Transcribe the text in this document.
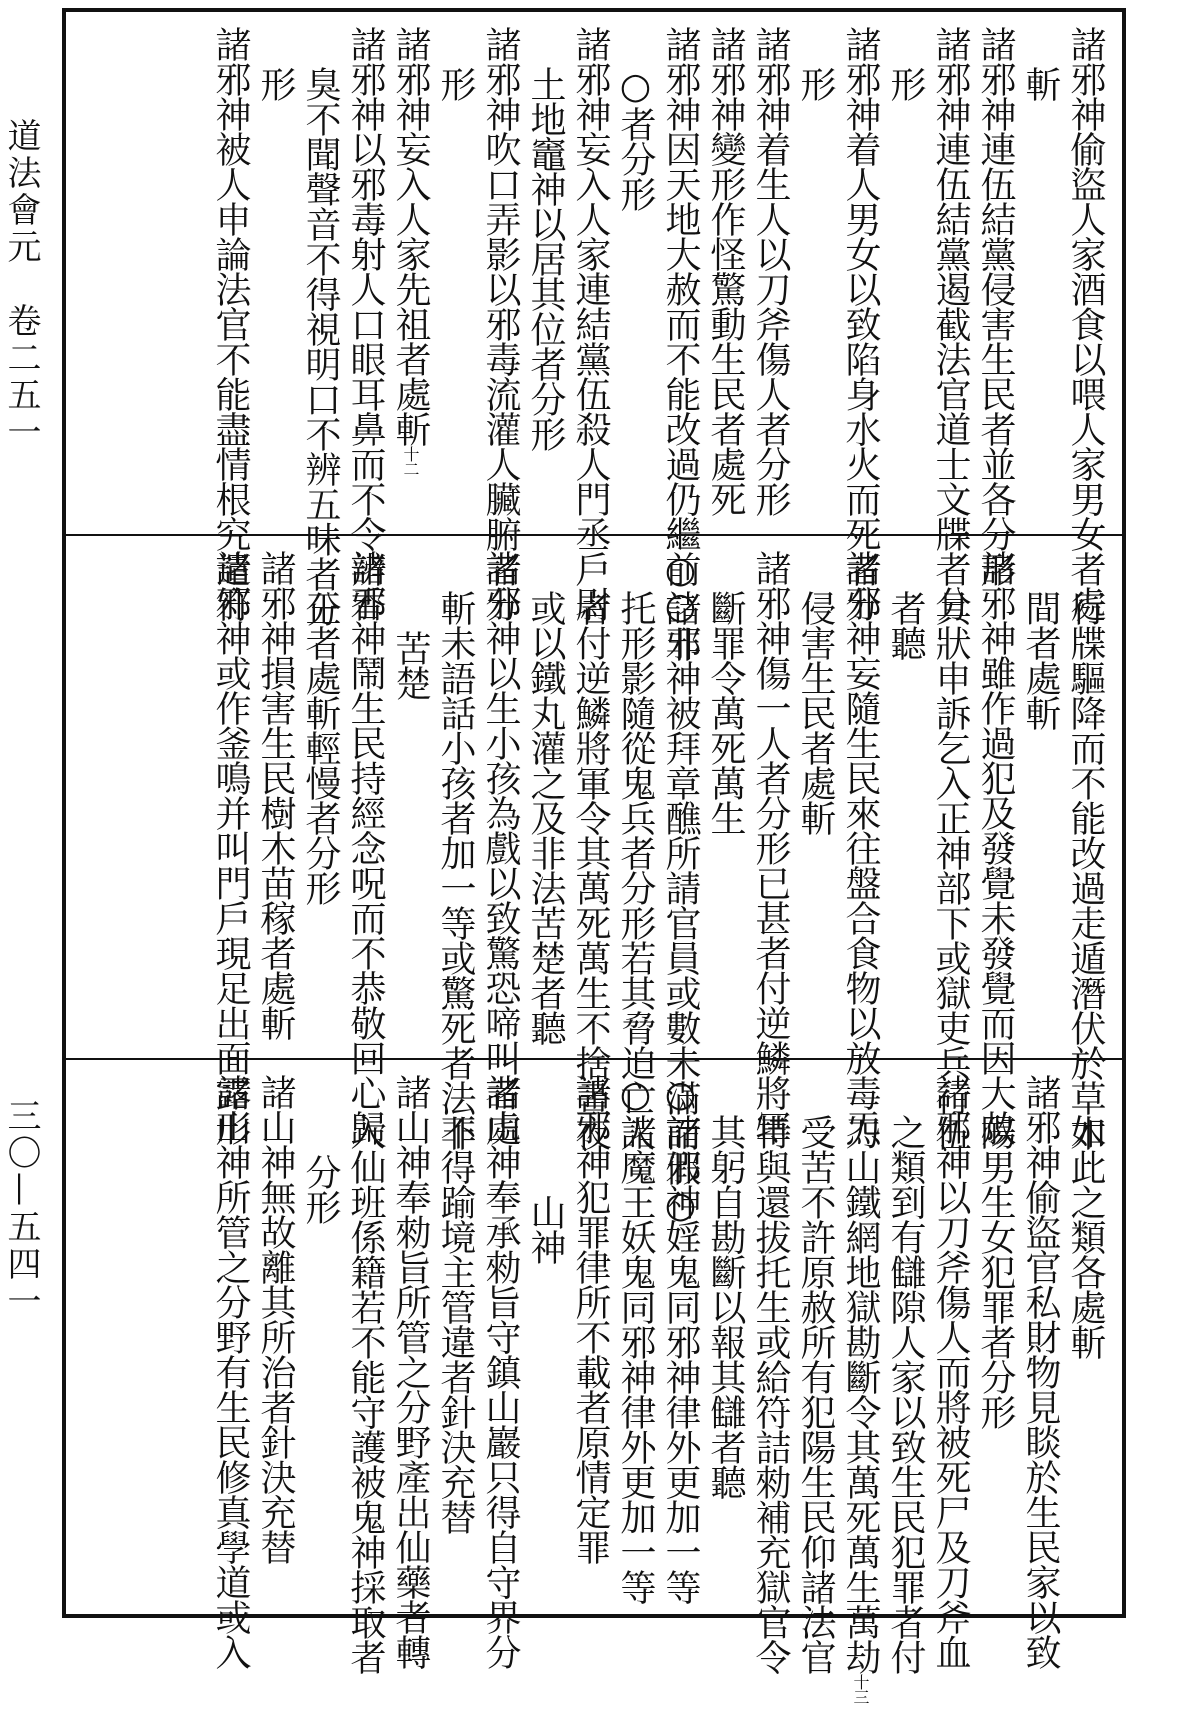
道法會元　卷二五一
三〇—五四一
諸邪神偷盜人家酒食以喂人家男女者處
斬
諸邪神連伍結黨侵害生民者並各分形
諸邪神連伍結黨遏截法官道士文牒者分
形
諸邪神着人男女以致陷身水火而死者分
形
諸邪神着生人以刀斧傷人者分形
諸邪神變形作怪驚動生民者處死
諸邪神因天地大赦而不能改過仍繼前○非
○者分形
諸邪神妄入人家連結黨伍殺人門丞戶尉
土地竈神以居其位者分形
諸邪神吹口弄影以邪毒流灌人臟腑者分
形
諸邪神妄入人家先祖者處斬十二
諸邪神以邪毒射人口眼耳鼻而不令辨香
臭不聞聲音不得視明口不辨五味者分
形
諸邪神被人申論法官不能盡情根究遣符
行牒驅降而不能改過走遁潛伏於草木
間者處斬
諸邪神雖作過犯及發覺未發覺而因大赦
具狀申訴乞入正神部下或獄吏兵行伍
者聽
諸邪神妄隨生民來往盤合食物以放毒炁
侵害生民者處斬
諸邪神傷一人者分形已甚者付逆鱗將軍
斷罪令萬死萬生
○諸邪神被拜章醮所請官員或數未滿而假○
托形影隨從鬼兵者分形若其脅迫亡人
者付逆鱗將軍令其萬死萬生不捨晝夜
或以鐵丸灌之及非法苦楚者聽
諸邪神以生小孩為戲以致驚恐啼叫者處
斬未語話小孩者加一等或驚死者法非
苦楚
諸邪神鬧生民持經念呪而不恭敬回心歸
正者處斬輕慢者分形
諸邪神損害生民樹木苗稼者處斬
諸邪神或作釜鳴并叫門戶現足出面露形
如此之類各處斬
諸邪神偷盜官私財物見睒於生民家以致
陽男生女犯罪者分形
諸邪神以刀斧傷人而將被死尸及刀斧血
之類到有讎隙人家以致生民犯罪者付
刀山鐵網地獄勘斷令其萬死萬生萬劫十三
受苦不許原赦所有犯陽生民仰諸法官
特與還拔托生或給符詰勑補充獄官令
其躬自勘斷以報其讎者聽
○諸邪神婬鬼同邪神律外更加一等
○諸魔王妖鬼同邪神律外更加一等
諸邪神犯罪律所不載者原情定罪
山神
諸山神奉承勑旨守鎮山巖只得自守界分
不得踰境主管違者針決充替
諸山神奉勑旨所管之分野產出仙藥者轉
入仙班係籍若不能守護被鬼神採取者
分形
諸山神無故離其所治者針決充替
諸山神所管之分野有生民修真學道或入
